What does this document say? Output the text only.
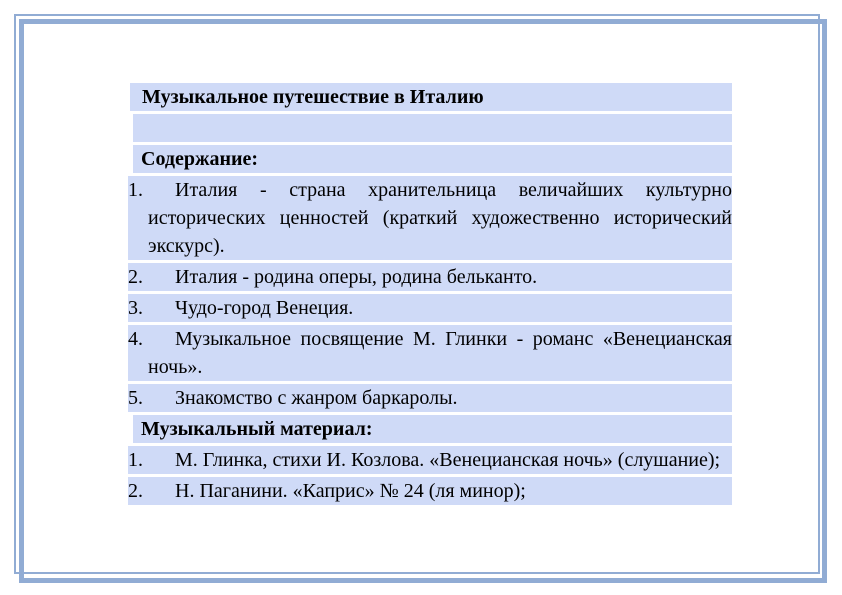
Музыкальное путешествие в Италию

Содержание:

1. Италия - страна хранительница величайших культурно исторических ценностей (краткий художественно исторический экскурс).

2. Италия - родина оперы, родина бельканто.

3. Чудо-город Венеция.

4. Музыкальное посвящение М. Глинки - романс «Венецианская ночь».

5. Знакомство с жанром баркаролы.

Музыкальный материал:

1. М. Глинка, стихи И. Козлова. «Венецианская ночь» (слушание);

2. Н. Паганини. «Каприс» № 24 (ля минор);
